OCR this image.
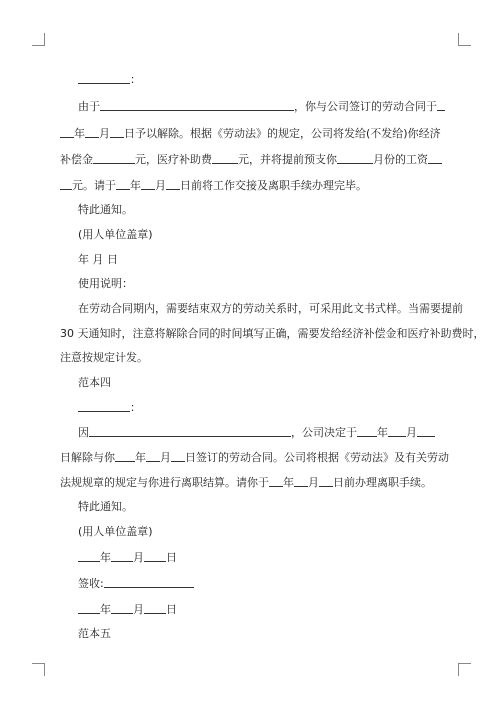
：
由于	，你与公司签订的劳动合同于
年 月 日予以解除。根据《劳动法》的规定，公司将发给(不发给)你经济
补偿金	元，医疗补助费 元，并将提前预支你	月份的工资
元。请于 年 月 日前将工作交接及离职手续办理完毕。
特此通知。
(用人单位盖章)
年 月 日
使用说明：
在劳动合同期内，需要结束双方的劳动关系时，可采用此文书式样。当需要提前
30 天通知时，注意将解除合同的时间填写正确，需要发给经济补偿金和医疗补助费时，
注意按规定计发。
范本四
：
因	，公司决定于 年 月
日解除与你 年 月 日签订的劳动合同。公司将根据《劳动法》及有关劳动
法规规章的规定与你进行离职结算。请你于 年 月 日前办理离职手续。
特此通知。
(用人单位盖章)
年 月 日
签收:
年 月 日
范本五
